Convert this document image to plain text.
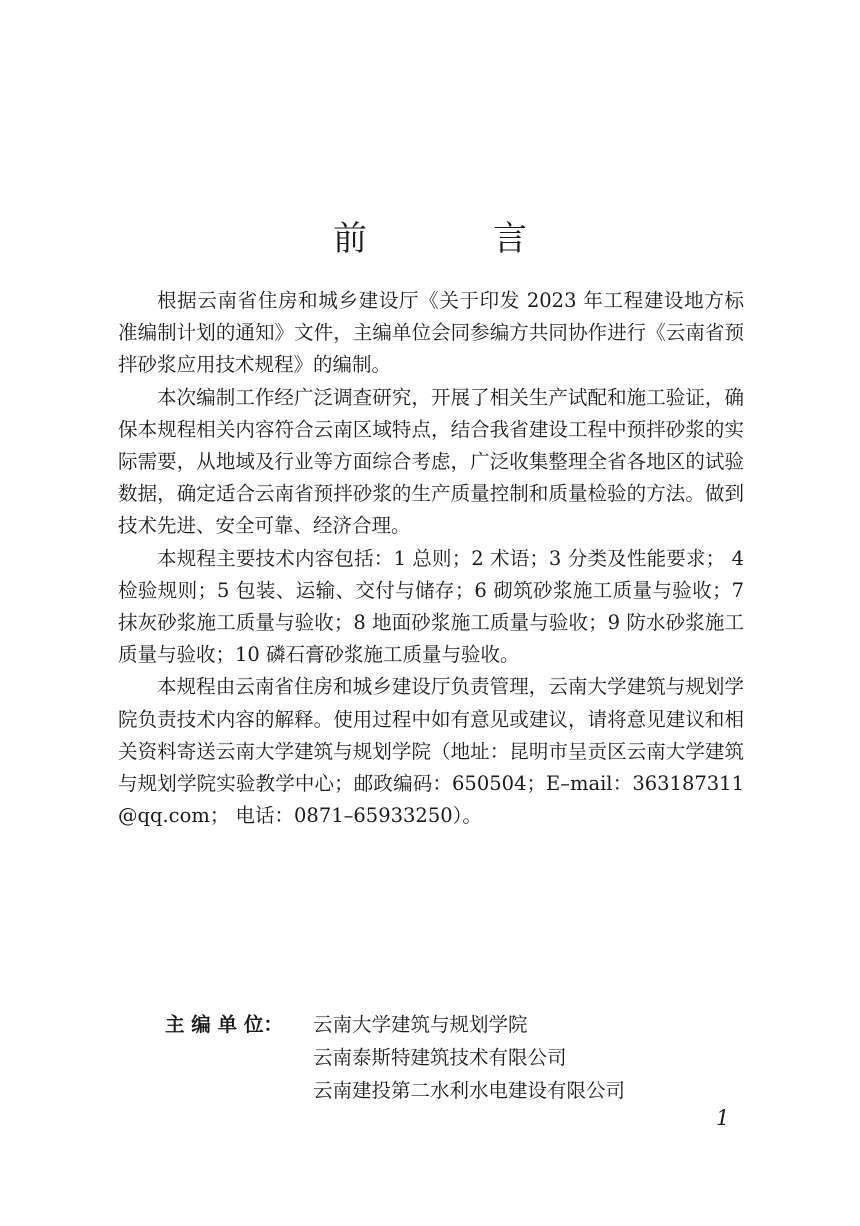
前　言

根据云南省住房和城乡建设厅《关于印发 2023 年工程建设地方标准编制计划的通知》文件，主编单位会同参编方共同协作进行《云南省预拌砂浆应用技术规程》的编制。

本次编制工作经广泛调查研究，开展了相关生产试配和施工验证，确保本规程相关内容符合云南区域特点，结合我省建设工程中预拌砂浆的实际需要，从地域及行业等方面综合考虑，广泛收集整理全省各地区的试验数据，确定适合云南省预拌砂浆的生产质量控制和质量检验的方法。做到技术先进、安全可靠、经济合理。

本规程主要技术内容包括：1 总则；2 术语；3 分类及性能要求； 4 检验规则；5 包装、运输、交付与储存；6 砌筑砂浆施工质量与验收；7 抹灰砂浆施工质量与验收；8 地面砂浆施工质量与验收；9 防水砂浆施工质量与验收；10 磷石膏砂浆施工质量与验收。

本规程由云南省住房和城乡建设厅负责管理，云南大学建筑与规划学院负责技术内容的解释。使用过程中如有意见或建议，请将意见建议和相关资料寄送云南大学建筑与规划学院（地址：昆明市呈贡区云南大学建筑与规划学院实验教学中心；邮政编码：650504；E–mail：363187311 @qq.com； 电话：0871–65933250）。

主 编 单 位：	云南大学建筑与规划学院
云南泰斯特建筑技术有限公司
云南建投第二水利水电建设有限公司
1
